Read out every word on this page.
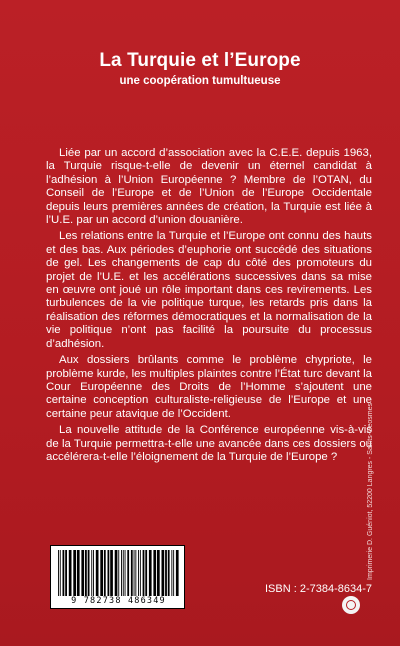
La Turquie et l’Europe
une coopération tumultueuse

Liée par un accord d’association avec la C.E.E. depuis 1963, la Turquie risque-t-elle de devenir un éternel candidat à l’adhésion à l’Union Européenne ? Membre de l’OTAN, du Conseil de l’Europe et de l’Union de l’Europe Occidentale depuis leurs premières années de création, la Turquie est liée à l’U.E. par un accord d’union douanière.

Les relations entre la Turquie et l’Europe ont connu des hauts et des bas. Aux périodes d’euphorie ont succédé des situations de gel. Les changements de cap du côté des promoteurs du projet de l’U.E. et les accélérations successives dans sa mise en œuvre ont joué un rôle important dans ces revirements. Les turbulences de la vie politique turque, les retards pris dans la réalisation des réformes démocratiques et la normalisation de la vie politique n’ont pas facilité la poursuite du processus d’adhésion.

Aux dossiers brûlants comme le problème chypriote, le problème kurde, les multiples plaintes contre l’État turc devant la Cour Européenne des Droits de l’Homme s’ajoutent une certaine conception culturaliste-religieuse de l’Europe et une certaine peur atavique de l’Occident.

La nouvelle attitude de la Conférence européenne vis-à-vis de la Turquie permettra-t-elle une avancée dans ces dossiers ou accélérera-t-elle l’éloignement de la Turquie de l’Europe ?

9 782738 486349
ISBN : 2-7384-8634-7
Imprimerie D. Guéniot, 52200 Langres - Saints-Geosmes
